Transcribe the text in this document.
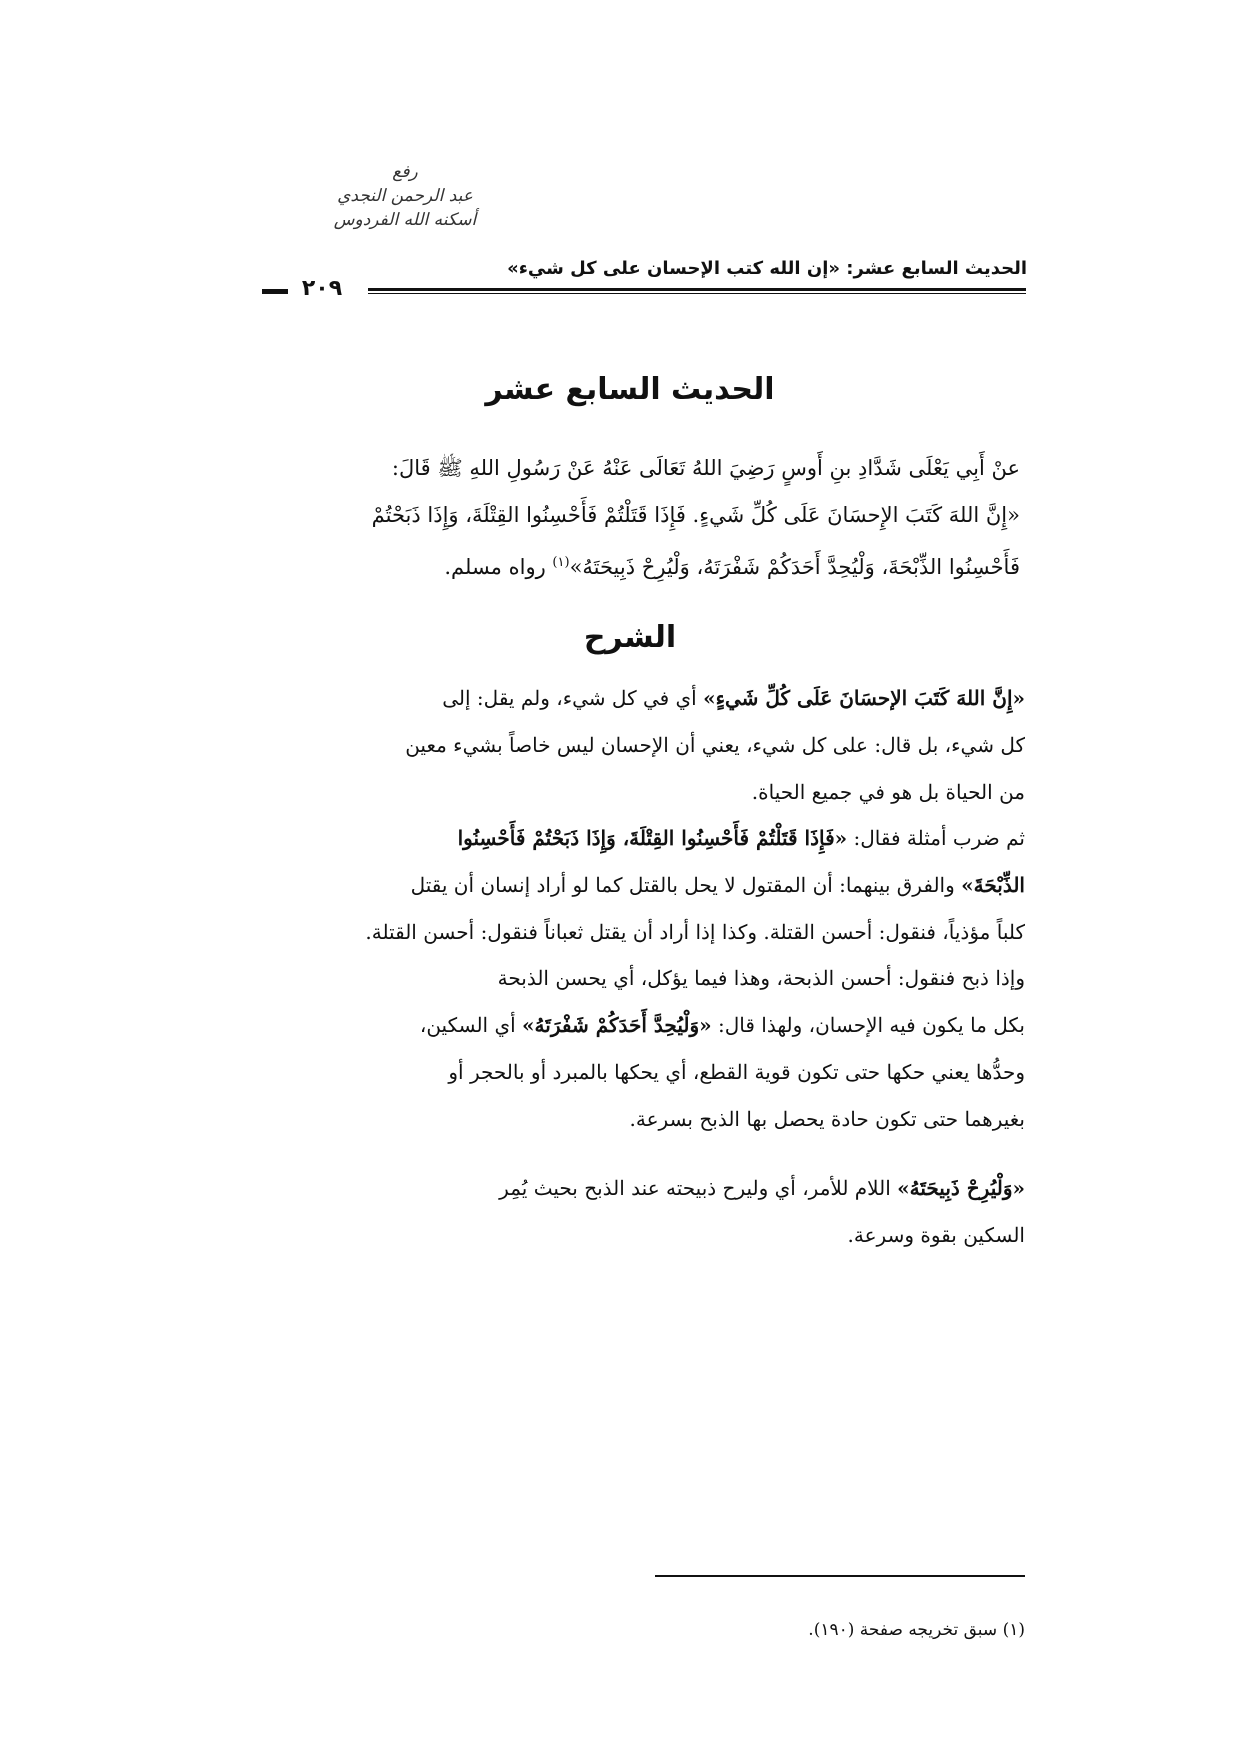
رفع
عبد الرحمن النجدي
أسكنه الله الفردوس
الحديث السابع عشر: «إن الله كتب الإحسان على كل شيء»
٢٠٩
الحديث السابع عشر
عنْ أَبِي يَعْلَى شَدَّادِ بنِ أَوسٍ رَضِيَ اللهُ تَعَالَى عَنْهُ عَنْ رَسُولِ اللهِ ﷺ قَالَ:
«إِنَّ اللهَ كَتَبَ الإِحسَانَ عَلَى كُلِّ شَيءٍ. فَإِذَا قَتَلْتُمْ فَأَحْسِنُوا القِتْلَةَ، وَإِذَا ذَبَحْتُمْ
فَأَحْسِنُوا الذِّبْحَةَ، وَلْيُحِدَّ أَحَدَكُمْ شَفْرَتَهُ، وَلْيُرِحْ ذَبِيحَتَهُ»$^{(١)}$ رواه مسلم.
الشرح
«إِنَّ اللهَ كَتَبَ الإحسَانَ عَلَى كُلِّ شَيءٍ» أي في كل شيء، ولم يقل: إلى
كل شيء، بل قال: على كل شيء، يعني أن الإحسان ليس خاصاً بشيء معين
من الحياة بل هو في جميع الحياة.
ثم ضرب أمثلة فقال: «فَإِذَا قَتَلْتُمْ فَأَحْسِنُوا القِتْلَةَ، وَإِذَا ذَبَحْتُمْ فَأَحْسِنُوا
الذِّبْحَةَ» والفرق بينهما: أن المقتول لا يحل بالقتل كما لو أراد إنسان أن يقتل
كلباً مؤذياً، فنقول: أحسن القتلة. وكذا إذا أراد أن يقتل ثعباناً فنقول: أحسن القتلة.
وإذا ذبح فنقول: أحسن الذبحة، وهذا فيما يؤكل، أي يحسن الذبحة
بكل ما يكون فيه الإحسان، ولهذا قال: «وَلْيُحِدَّ أَحَدَكُمْ شَفْرَتَهُ» أي السكين،
وحدُّها يعني حكها حتى تكون قوية القطع، أي يحكها بالمبرد أو بالحجر أو
بغيرهما حتى تكون حادة يحصل بها الذبح بسرعة.
«وَلْيُرِحْ ذَبِيحَتَهُ» اللام للأمر، أي وليرح ذبيحته عند الذبح بحيث يُمِر
السكين بقوة وسرعة.
(١) سبق تخريجه صفحة (١٩٠).
